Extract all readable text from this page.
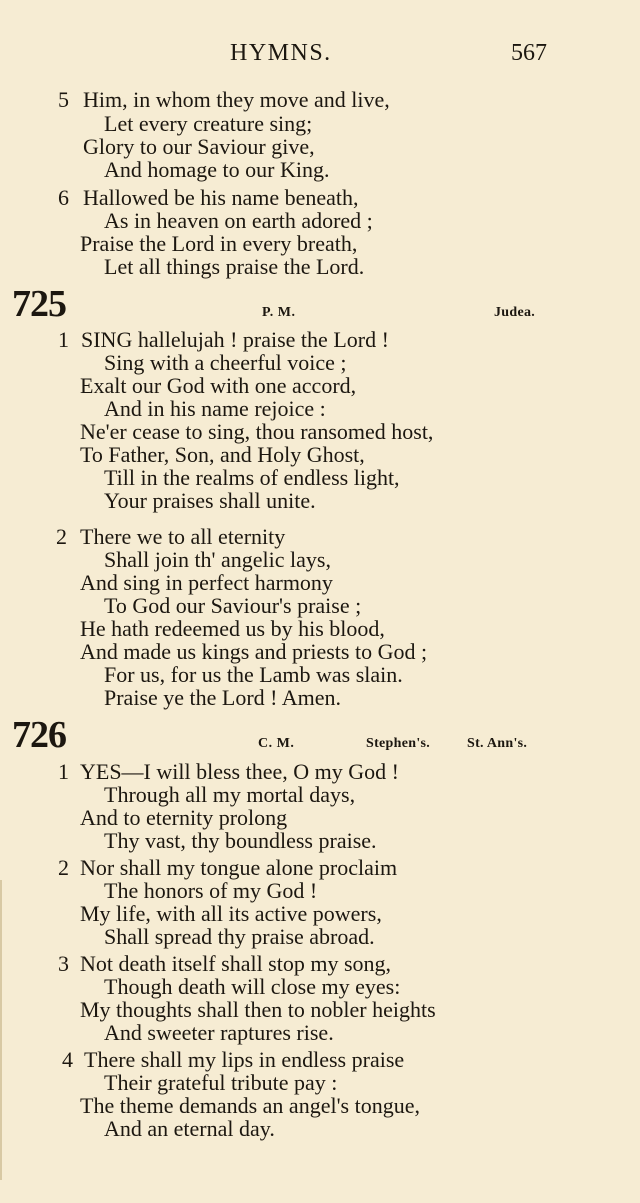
HYMNS.	567
5 Him, in whom they move and live,
Let every creature sing;
Glory to our Saviour give,
And homage to our King.
6 Hallowed be his name beneath,
As in heaven on earth adored ;
Praise the Lord in every breath,
Let all things praise the Lord.
725	P. M.	Judea.
1 SING hallelujah ! praise the Lord !
Sing with a cheerful voice ;
Exalt our God with one accord,
And in his name rejoice :
Ne'er cease to sing, thou ransomed host,
To Father, Son, and Holy Ghost,
Till in the realms of endless light,
Your praises shall unite.
2 There we to all eternity
Shall join th' angelic lays,
And sing in perfect harmony
To God our Saviour's praise ;
He hath redeemed us by his blood,
And made us kings and priests to God ;
For us, for us the Lamb was slain.
Praise ye the Lord ! Amen.
726	C. M.	Stephen's.	St. Ann's.
1 YES—I will bless thee, O my God !
Through all my mortal days,
And to eternity prolong
Thy vast, thy boundless praise.
2 Nor shall my tongue alone proclaim
The honors of my God !
My life, with all its active powers,
Shall spread thy praise abroad.
3 Not death itself shall stop my song,
Though death will close my eyes:
My thoughts shall then to nobler heights
And sweeter raptures rise.
4 There shall my lips in endless praise
Their grateful tribute pay :
The theme demands an angel's tongue,
And an eternal day.
